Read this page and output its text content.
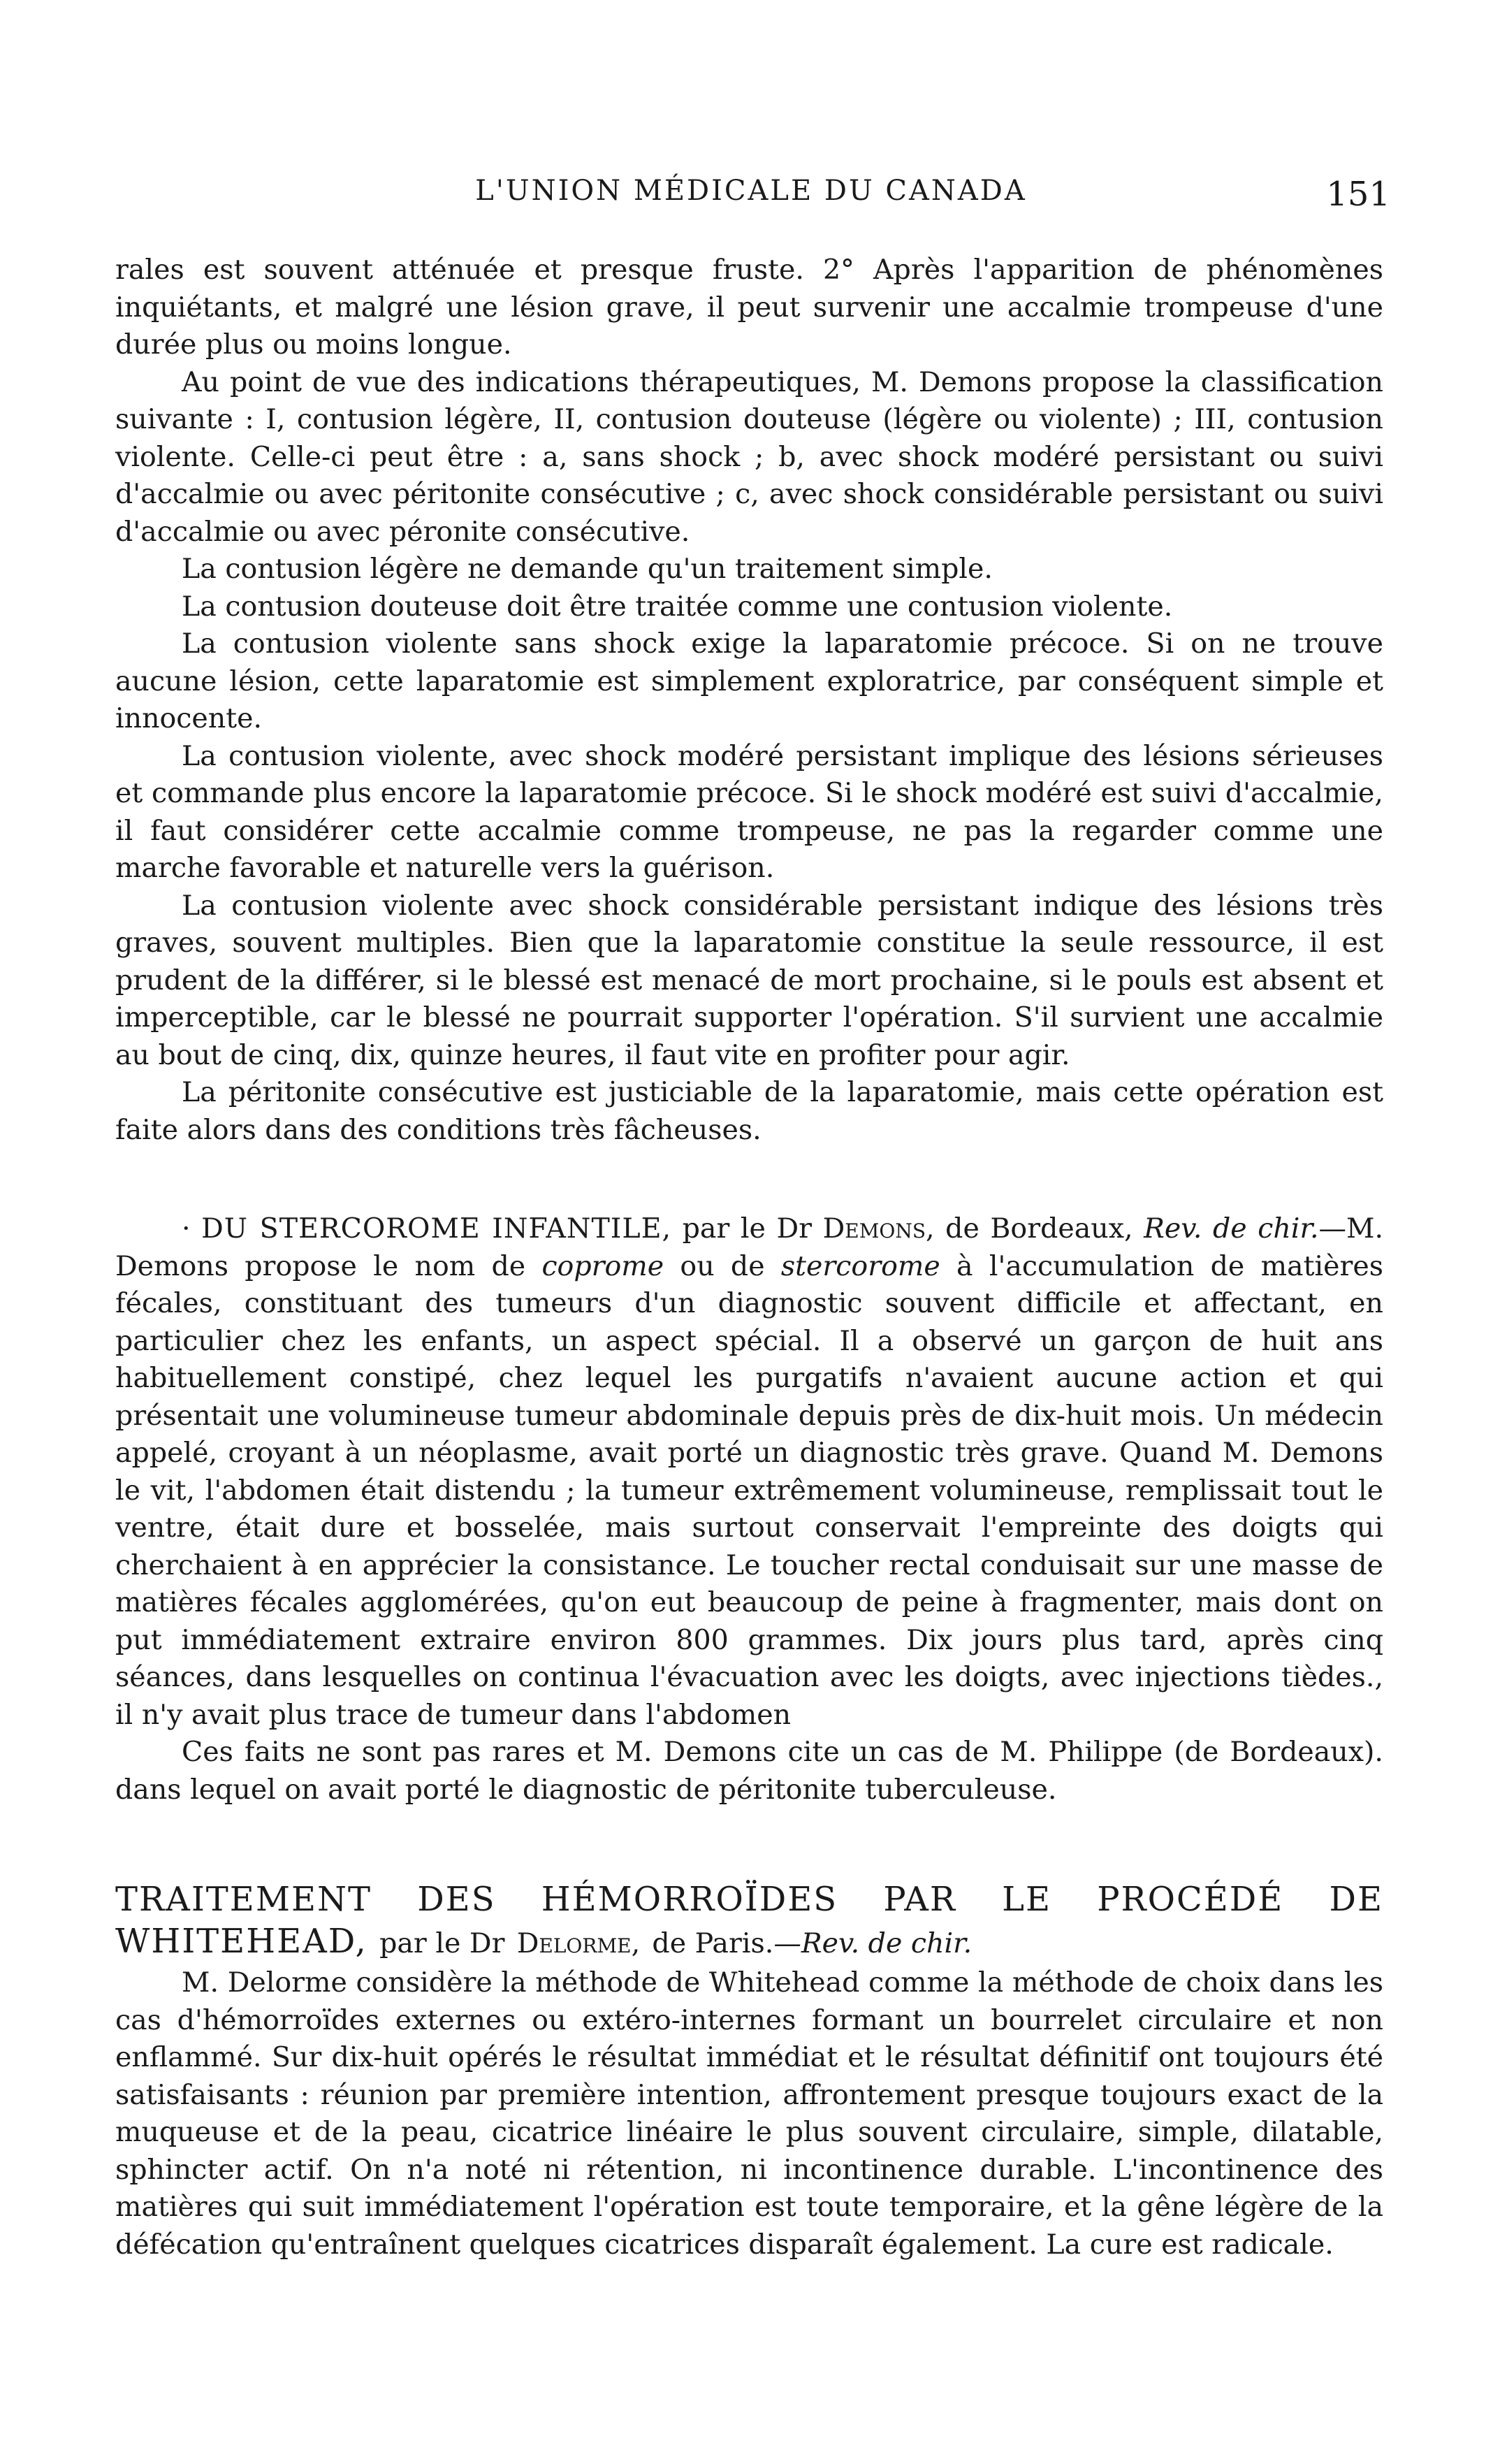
L'UNION MÉDICALE DU CANADA	151

rales est souvent atténuée et presque fruste. 2° Après l'apparition de phénomènes inquiétants, et malgré une lésion grave, il peut survenir une accalmie trompeuse d'une durée plus ou moins longue.

Au point de vue des indications thérapeutiques, M. Demons propose la classification suivante : I, contusion légère, II, contusion douteuse (légère ou violente) ; III, contusion violente. Celle-ci peut être : a, sans shock ; b, avec shock modéré persistant ou suivi d'accalmie ou avec péritonite consécutive ; c, avec shock considérable persistant ou suivi d'accalmie ou avec péronite consécutive.

La contusion légère ne demande qu'un traitement simple.

La contusion douteuse doit être traitée comme une contusion violente.

La contusion violente sans shock exige la laparatomie précoce. Si on ne trouve aucune lésion, cette laparatomie est simplement exploratrice, par conséquent simple et innocente.

La contusion violente, avec shock modéré persistant implique des lésions sérieuses et commande plus encore la laparatomie précoce. Si le shock modéré est suivi d'accalmie, il faut considérer cette accalmie comme trompeuse, ne pas la regarder comme une marche favorable et naturelle vers la guérison.

La contusion violente avec shock considérable persistant indique des lésions très graves, souvent multiples. Bien que la laparatomie constitue la seule ressource, il est prudent de la différer, si le blessé est menacé de mort prochaine, si le pouls est absent et imperceptible, car le blessé ne pourrait supporter l'opération. S'il survient une accalmie au bout de cinq, dix, quinze heures, il faut vite en profiter pour agir.

La péritonite consécutive est justiciable de la laparatomie, mais cette opération est faite alors dans des conditions très fâcheuses.

· DU STERCOROME INFANTILE, par le Dr Demons, de Bordeaux, Rev. de chir.—M. Demons propose le nom de coprome ou de stercorome à l'accumulation de matières fécales, constituant des tumeurs d'un diagnostic souvent difficile et affectant, en particulier chez les enfants, un aspect spécial. Il a observé un garçon de huit ans habituellement constipé, chez lequel les purgatifs n'avaient aucune action et qui présentait une volumineuse tumeur abdominale depuis près de dix-huit mois. Un médecin appelé, croyant à un néoplasme, avait porté un diagnostic très grave. Quand M. Demons le vit, l'abdomen était distendu ; la tumeur extrêmement volumineuse, remplissait tout le ventre, était dure et bosselée, mais surtout conservait l'empreinte des doigts qui cherchaient à en apprécier la consistance. Le toucher rectal conduisait sur une masse de matières fécales agglomérées, qu'on eut beaucoup de peine à fragmenter, mais dont on put immédiatement extraire environ 800 grammes. Dix jours plus tard, après cinq séances, dans lesquelles on continua l'évacuation avec les doigts, avec injections tièdes., il n'y avait plus trace de tumeur dans l'abdomen

Ces faits ne sont pas rares et M. Demons cite un cas de M. Philippe (de Bordeaux). dans lequel on avait porté le diagnostic de péritonite tuberculeuse.

TRAITEMENT DES HÉMORROÏDES PAR LE PROCÉDÉ DE WHITEHEAD, par le Dr Delorme, de Paris.—Rev. de chir.

M. Delorme considère la méthode de Whitehead comme la méthode de choix dans les cas d'hémorroïdes externes ou extéro-internes formant un bourrelet circulaire et non enflammé. Sur dix-huit opérés le résultat immédiat et le résultat définitif ont toujours été satisfaisants : réunion par première intention, affrontement presque toujours exact de la muqueuse et de la peau, cicatrice linéaire le plus souvent circulaire, simple, dilatable, sphincter actif. On n'a noté ni rétention, ni incontinence durable. L'incontinence des matières qui suit immédiatement l'opération est toute temporaire, et la gêne légère de la défécation qu'entraînent quelques cicatrices disparaît également. La cure est radicale.
